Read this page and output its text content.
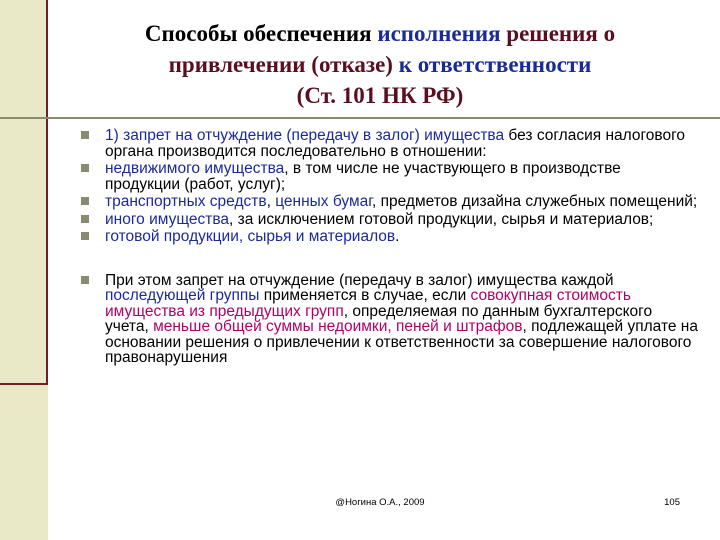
Способы обеспечения исполнения решения о
привлечении (отказе) к ответственности
(Ст. 101 НК РФ)
1) запрет на отчуждение (передачу в залог) имущества без согласия налогового органа производится последовательно в отношении:
недвижимого имущества, в том числе не участвующего в производстве продукции (работ, услуг);
транспортных средств, ценных бумаг, предметов дизайна служебных помещений;
иного имущества, за исключением готовой продукции, сырья и материалов;
готовой продукции, сырья и материалов.
При этом запрет на отчуждение (передачу в залог) имущества каждой последующей группы применяется в случае, если совокупная стоимость имущества из предыдущих групп, определяемая по данным бухгалтерского учета, меньше общей суммы недоимки, пеней и штрафов, подлежащей уплате на основании решения о привлечении к ответственности за совершение налогового правонарушения
@Ногина О.А., 2009	105
